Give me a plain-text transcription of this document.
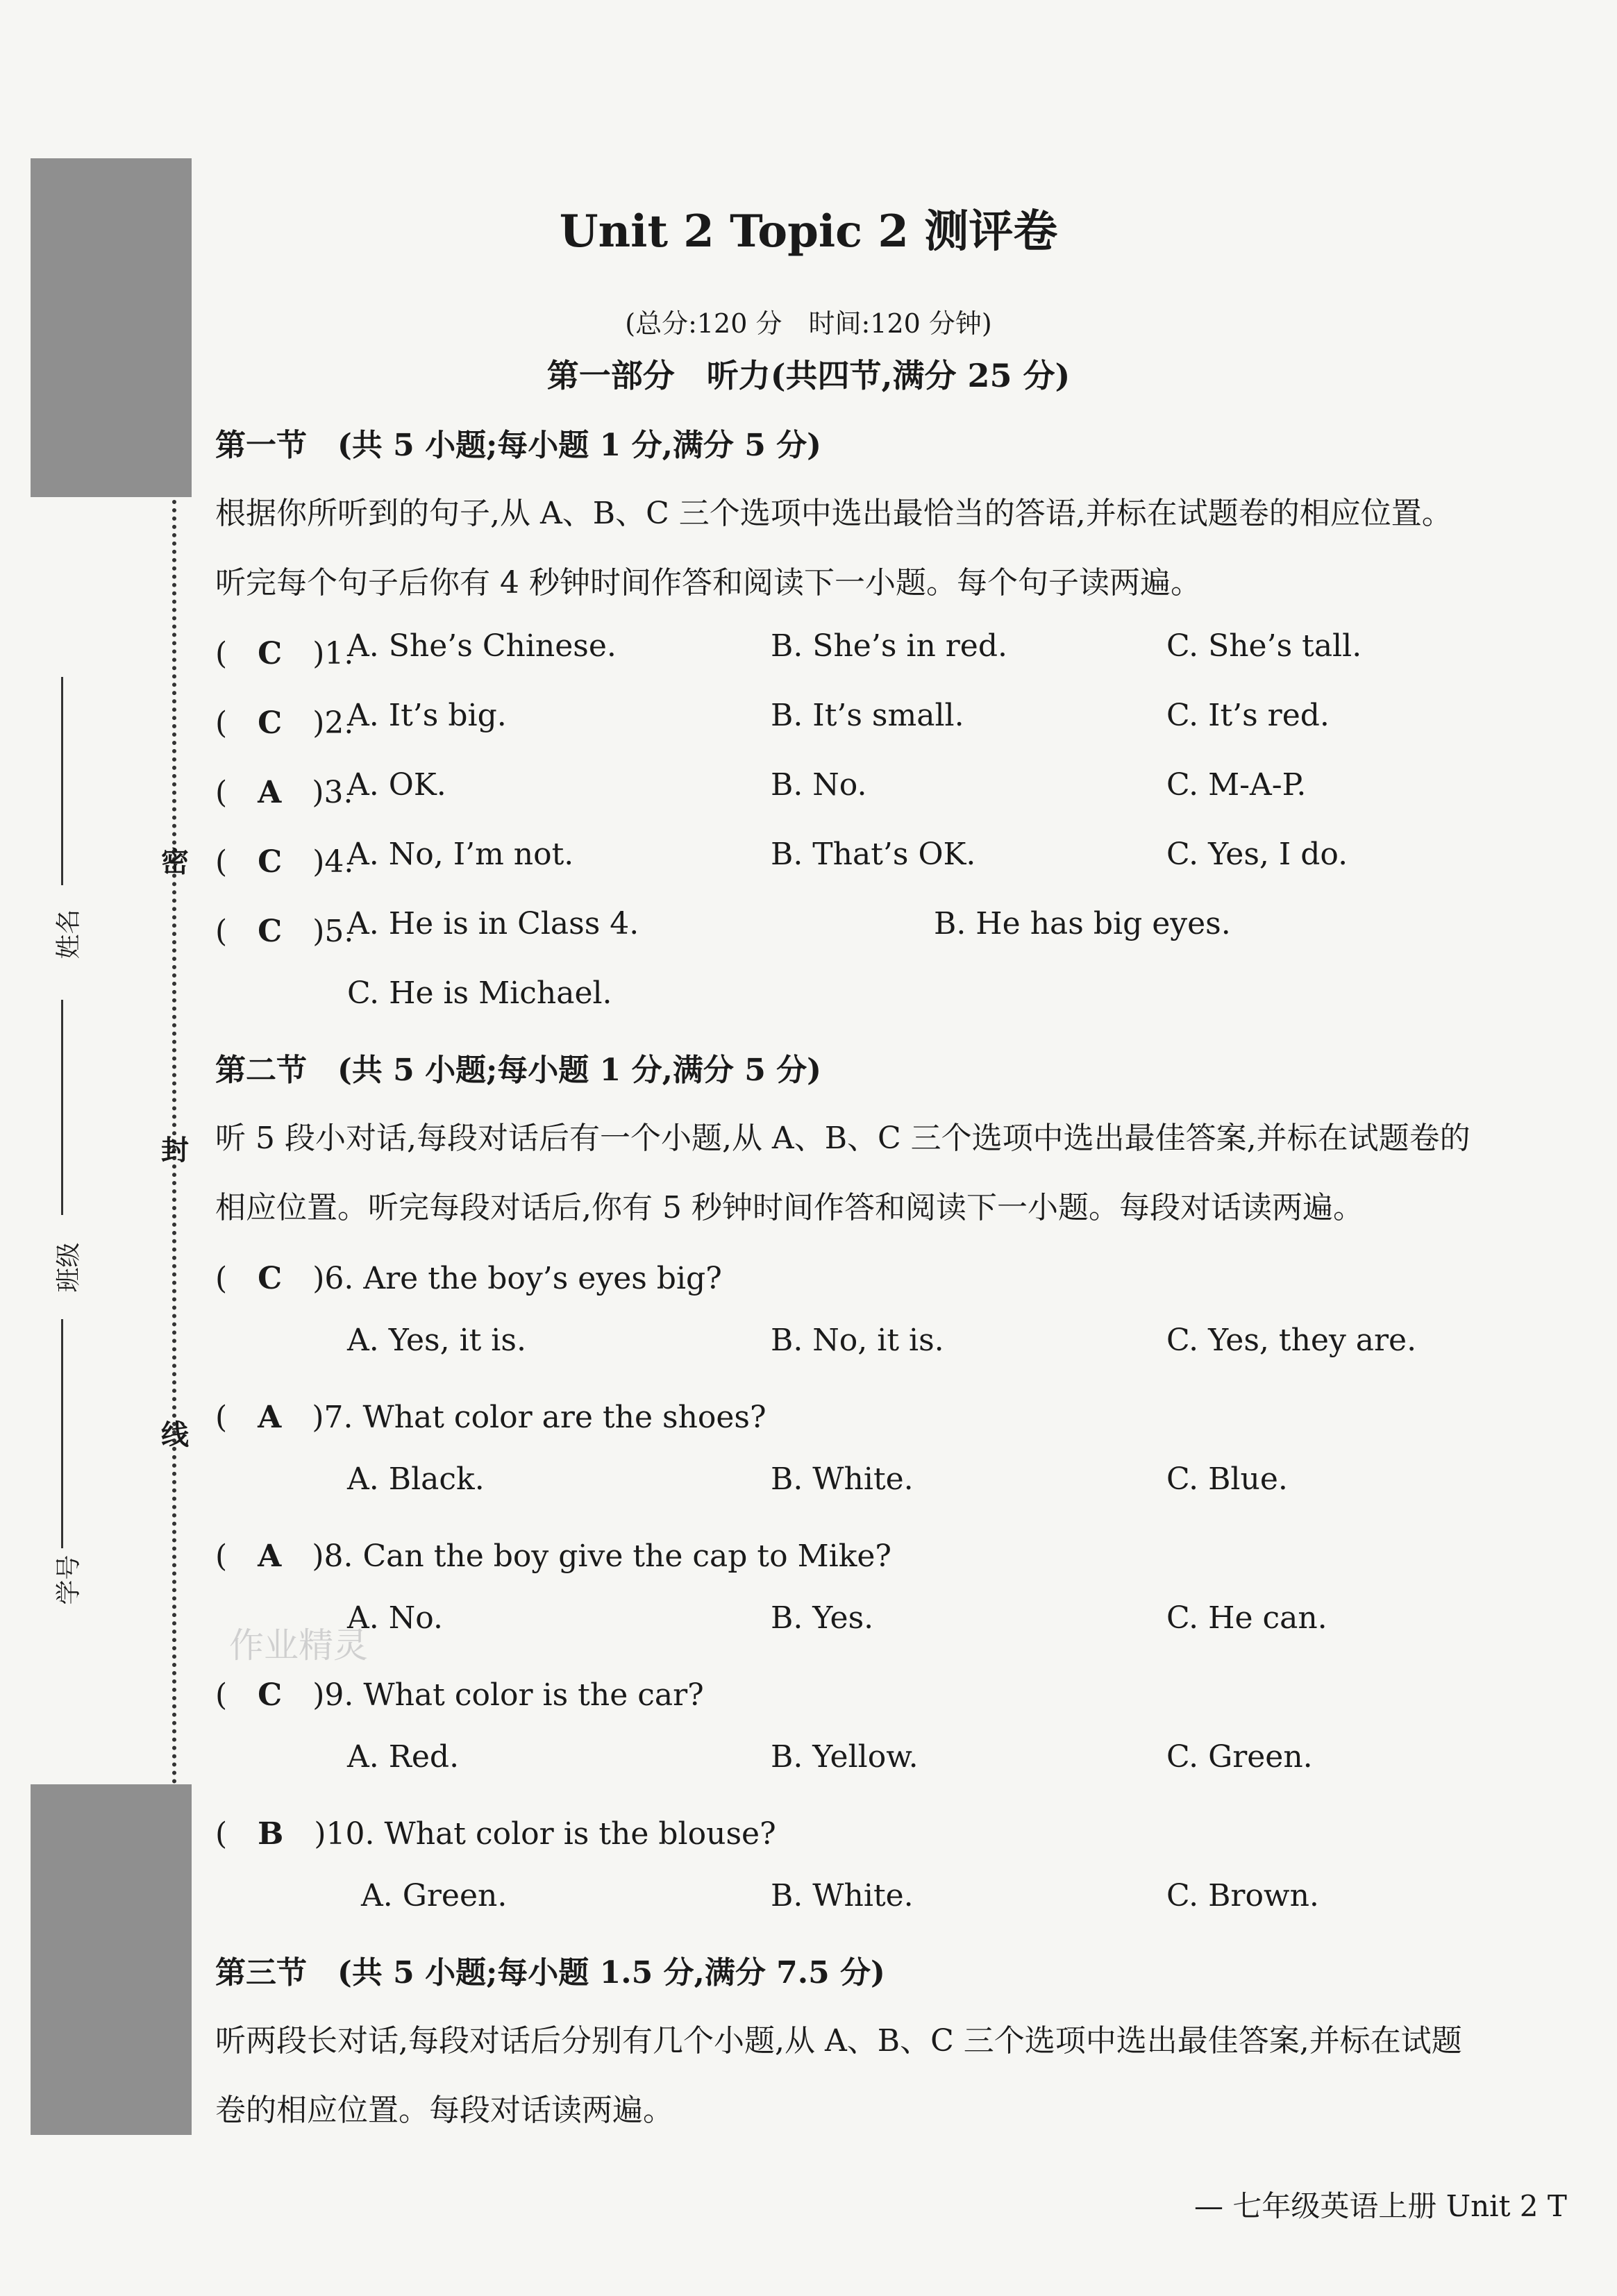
密
封
线
姓名
班级
学号
Unit 2 Topic 2 测评卷
(总分:120 分　时间:120 分钟)
第一部分　听力(共四节,满分 25 分)
第一节　(共 5 小题;每小题 1 分,满分 5 分)
根据你所听到的句子,从 A、B、C 三个选项中选出最恰当的答语,并标在试题卷的相应位置。
听完每个句子后你有 4 秒钟时间作答和阅读下一小题。每个句子读两遍。
(　C　 )1.
A. She’s Chinese.	B. She’s in red.	C. She’s tall.
(　C　 )2.
A. It’s big.	B. It’s small.	C. It’s red.
(　A　 )3.
A. OK.	B. No.	C. M-A-P.
(　C　 )4.
A. No, I’m not.	B. That’s OK.	C. Yes, I do.
(　C　 )5.
A. He is in Class 4.	B. He has big eyes.
C. He is Michael.
第二节　(共 5 小题;每小题 1 分,满分 5 分)
听 5 段小对话,每段对话后有一个小题,从 A、B、C 三个选项中选出最佳答案,并标在试题卷的
相应位置。听完每段对话后,你有 5 秒钟时间作答和阅读下一小题。每段对话读两遍。
(　C　 )6. Are the boy’s eyes big?
A. Yes, it is.	B. No, it is.	C. Yes, they are.
(　A　 )7. What color are the shoes?
A. Black.	B. White.	C. Blue.
(　A　 )8. Can the boy give the cap to Mike?
A. No.	B. Yes.	C. He can.
(　C　 )9. What color is the car?
A. Red.	B. Yellow.	C. Green.
(　B　 )10. What color is the blouse?
A. Green.	B. White.	C. Brown.
第三节　(共 5 小题;每小题 1.5 分,满分 7.5 分)
听两段长对话,每段对话后分别有几个小题,从 A、B、C 三个选项中选出最佳答案,并标在试题
卷的相应位置。每段对话读两遍。
作业精灵
— 七年级英语上册 Unit 2 T
